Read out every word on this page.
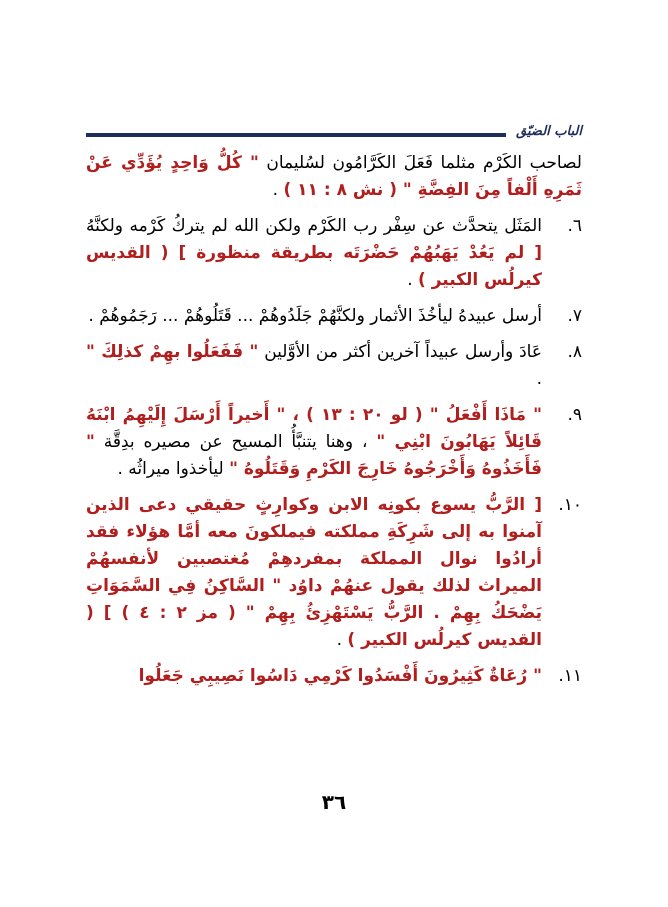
الباب الضيّق

لصاحب الكَرْم مثلما فَعَلَ الكَرَّامُون لسُليمان " كُلُّ وَاحِدٍ يُؤَدِّي عَنْ ثَمَرِهِ أَلْفاً مِنَ الفِضَّةِ " ( نش ٨ : ١١ ) .

٦.
المَثَل يتحدَّث عن سِفْر رب الكَرْم ولكن الله لم يتركُ كَرْمه ولكنَّهُ [ لم يَعُدْ يَهَبُهُمْ حَضْرَتَه بطريقة منظورة ] ( القديس كيرلُس الكبير ) .
٧.
أرسل عبيدهُ ليأخُذَ الأثمار ولكنَّهُمْ جَلَدُوهُمْ ... قَتَلُوهُمْ ... رَجَمُوهُمْ .
٨.
عَادَ وأرسل عبيداً آخرين أكثر من الأوَّلين " فَفَعَلُوا بهِمْ كذلِكَ " .
٩.
" مَاذَا أَفْعَلُ " ( لو ٢٠ : ١٣ ) ، " أَخيراً أَرْسَلَ إِلَيْهِمُ ابْنَهُ قَائِلاً يَهَابُونَ ابْنِي " ، وهنا يتنبَّأُ المسيح عن مصيره بدِقَّة " فَأَخَذُوهُ وَأَخْرَجُوهُ خَارِجَ الكَرْمِ وَقَتَلُوهُ " ليأخذوا ميراثُه .
١٠.
[ الرَّبُّ يسوع بكونِه الابن وكوارِثٍ حقيقي دعى الذين آمنوا به إلى شَرِكَةِ مملكته فيملكونَ معه أمَّا هؤلاء فقد أرادُوا نوال المملكة بمفردهِمْ مُغتصبين لأنفسهُمْ الميراث لذلك يقول عنهُمْ داوُد " السَّاكِنُ فِي السَّمَوَاتِ يَضْحَكُ بِهِمْ . الرَّبُّ يَسْتَهْزِئُ بِهِمْ " ( مز ٢ : ٤ ) ] ( القديس كيرلُس الكبير ) .
١١.
" رُعَاةٌ كَثِيرُونَ أَفْسَدُوا كَرْمِي دَاسُوا نَصِيبِي جَعَلُوا
٣٦
